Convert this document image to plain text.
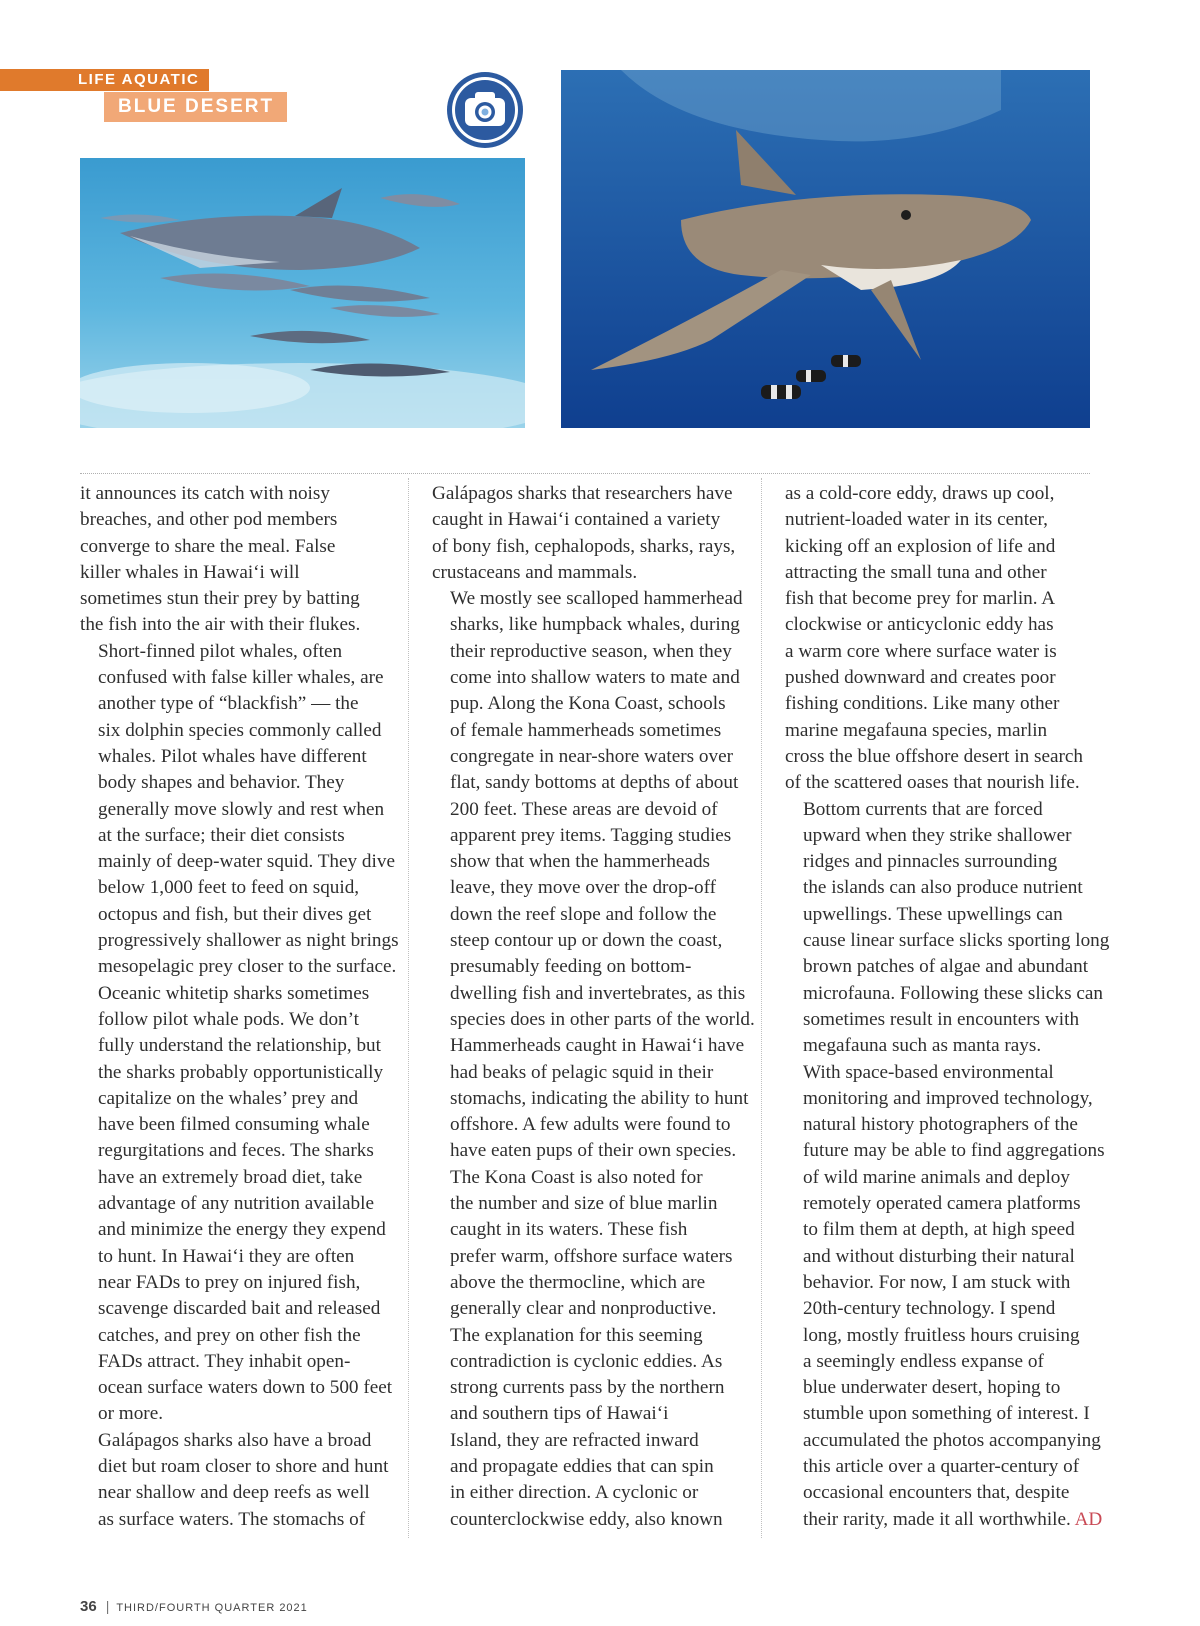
LIFE AQUATIC
BLUE DESERT

it announces its catch with noisy
breaches, and other pod members
converge to share the meal. False
killer whales in Hawai‘i will
sometimes stun their prey by batting
the fish into the air with their flukes.

Short-finned pilot whales, often
confused with false killer whales, are
another type of “blackfish” — the
six dolphin species commonly called
whales. Pilot whales have different
body shapes and behavior. They
generally move slowly and rest when
at the surface; their diet consists
mainly of deep-water squid. They dive
below 1,000 feet to feed on squid,
octopus and fish, but their dives get
progressively shallower as night brings
mesopelagic prey closer to the surface.

Oceanic whitetip sharks sometimes
follow pilot whale pods. We don’t
fully understand the relationship, but
the sharks probably opportunistically
capitalize on the whales’ prey and
have been filmed consuming whale
regurgitations and feces. The sharks
have an extremely broad diet, take
advantage of any nutrition available
and minimize the energy they expend
to hunt. In Hawai‘i they are often
near FADs to prey on injured fish,
scavenge discarded bait and released
catches, and prey on other fish the
FADs attract. They inhabit open-
ocean surface waters down to 500 feet
or more.

Galápagos sharks also have a broad
diet but roam closer to shore and hunt
near shallow and deep reefs as well
as surface waters. The stomachs of

Galápagos sharks that researchers have
caught in Hawai‘i contained a variety
of bony fish, cephalopods, sharks, rays,
crustaceans and mammals.

We mostly see scalloped hammerhead
sharks, like humpback whales, during
their reproductive season, when they
come into shallow waters to mate and
pup. Along the Kona Coast, schools
of female hammerheads sometimes
congregate in near-shore waters over
flat, sandy bottoms at depths of about
200 feet. These areas are devoid of
apparent prey items. Tagging studies
show that when the hammerheads
leave, they move over the drop-off
down the reef slope and follow the
steep contour up or down the coast,
presumably feeding on bottom-
dwelling fish and invertebrates, as this
species does in other parts of the world.
Hammerheads caught in Hawai‘i have
had beaks of pelagic squid in their
stomachs, indicating the ability to hunt
offshore. A few adults were found to
have eaten pups of their own species.

The Kona Coast is also noted for
the number and size of blue marlin
caught in its waters. These fish
prefer warm, offshore surface waters
above the thermocline, which are
generally clear and nonproductive.
The explanation for this seeming
contradiction is cyclonic eddies. As
strong currents pass by the northern
and southern tips of Hawai‘i
Island, they are refracted inward
and propagate eddies that can spin
in either direction. A cyclonic or
counterclockwise eddy, also known

as a cold-core eddy, draws up cool,
nutrient-loaded water in its center,
kicking off an explosion of life and
attracting the small tuna and other
fish that become prey for marlin. A
clockwise or anticyclonic eddy has
a warm core where surface water is
pushed downward and creates poor
fishing conditions. Like many other
marine megafauna species, marlin
cross the blue offshore desert in search
of the scattered oases that nourish life.

Bottom currents that are forced
upward when they strike shallower
ridges and pinnacles surrounding
the islands can also produce nutrient
upwellings. These upwellings can
cause linear surface slicks sporting long
brown patches of algae and abundant
microfauna. Following these slicks can
sometimes result in encounters with
megafauna such as manta rays.

With space-based environmental
monitoring and improved technology,
natural history photographers of the
future may be able to find aggregations
of wild marine animals and deploy
remotely operated camera platforms
to film them at depth, at high speed
and without disturbing their natural
behavior. For now, I am stuck with
20th-century technology. I spend
long, mostly fruitless hours cruising
a seemingly endless expanse of
blue underwater desert, hoping to
stumble upon something of interest. I
accumulated the photos accompanying
this article over a quarter-century of
occasional encounters that, despite
their rarity, made it all worthwhile. AD

36 | THIRD/FOURTH QUARTER 2021
